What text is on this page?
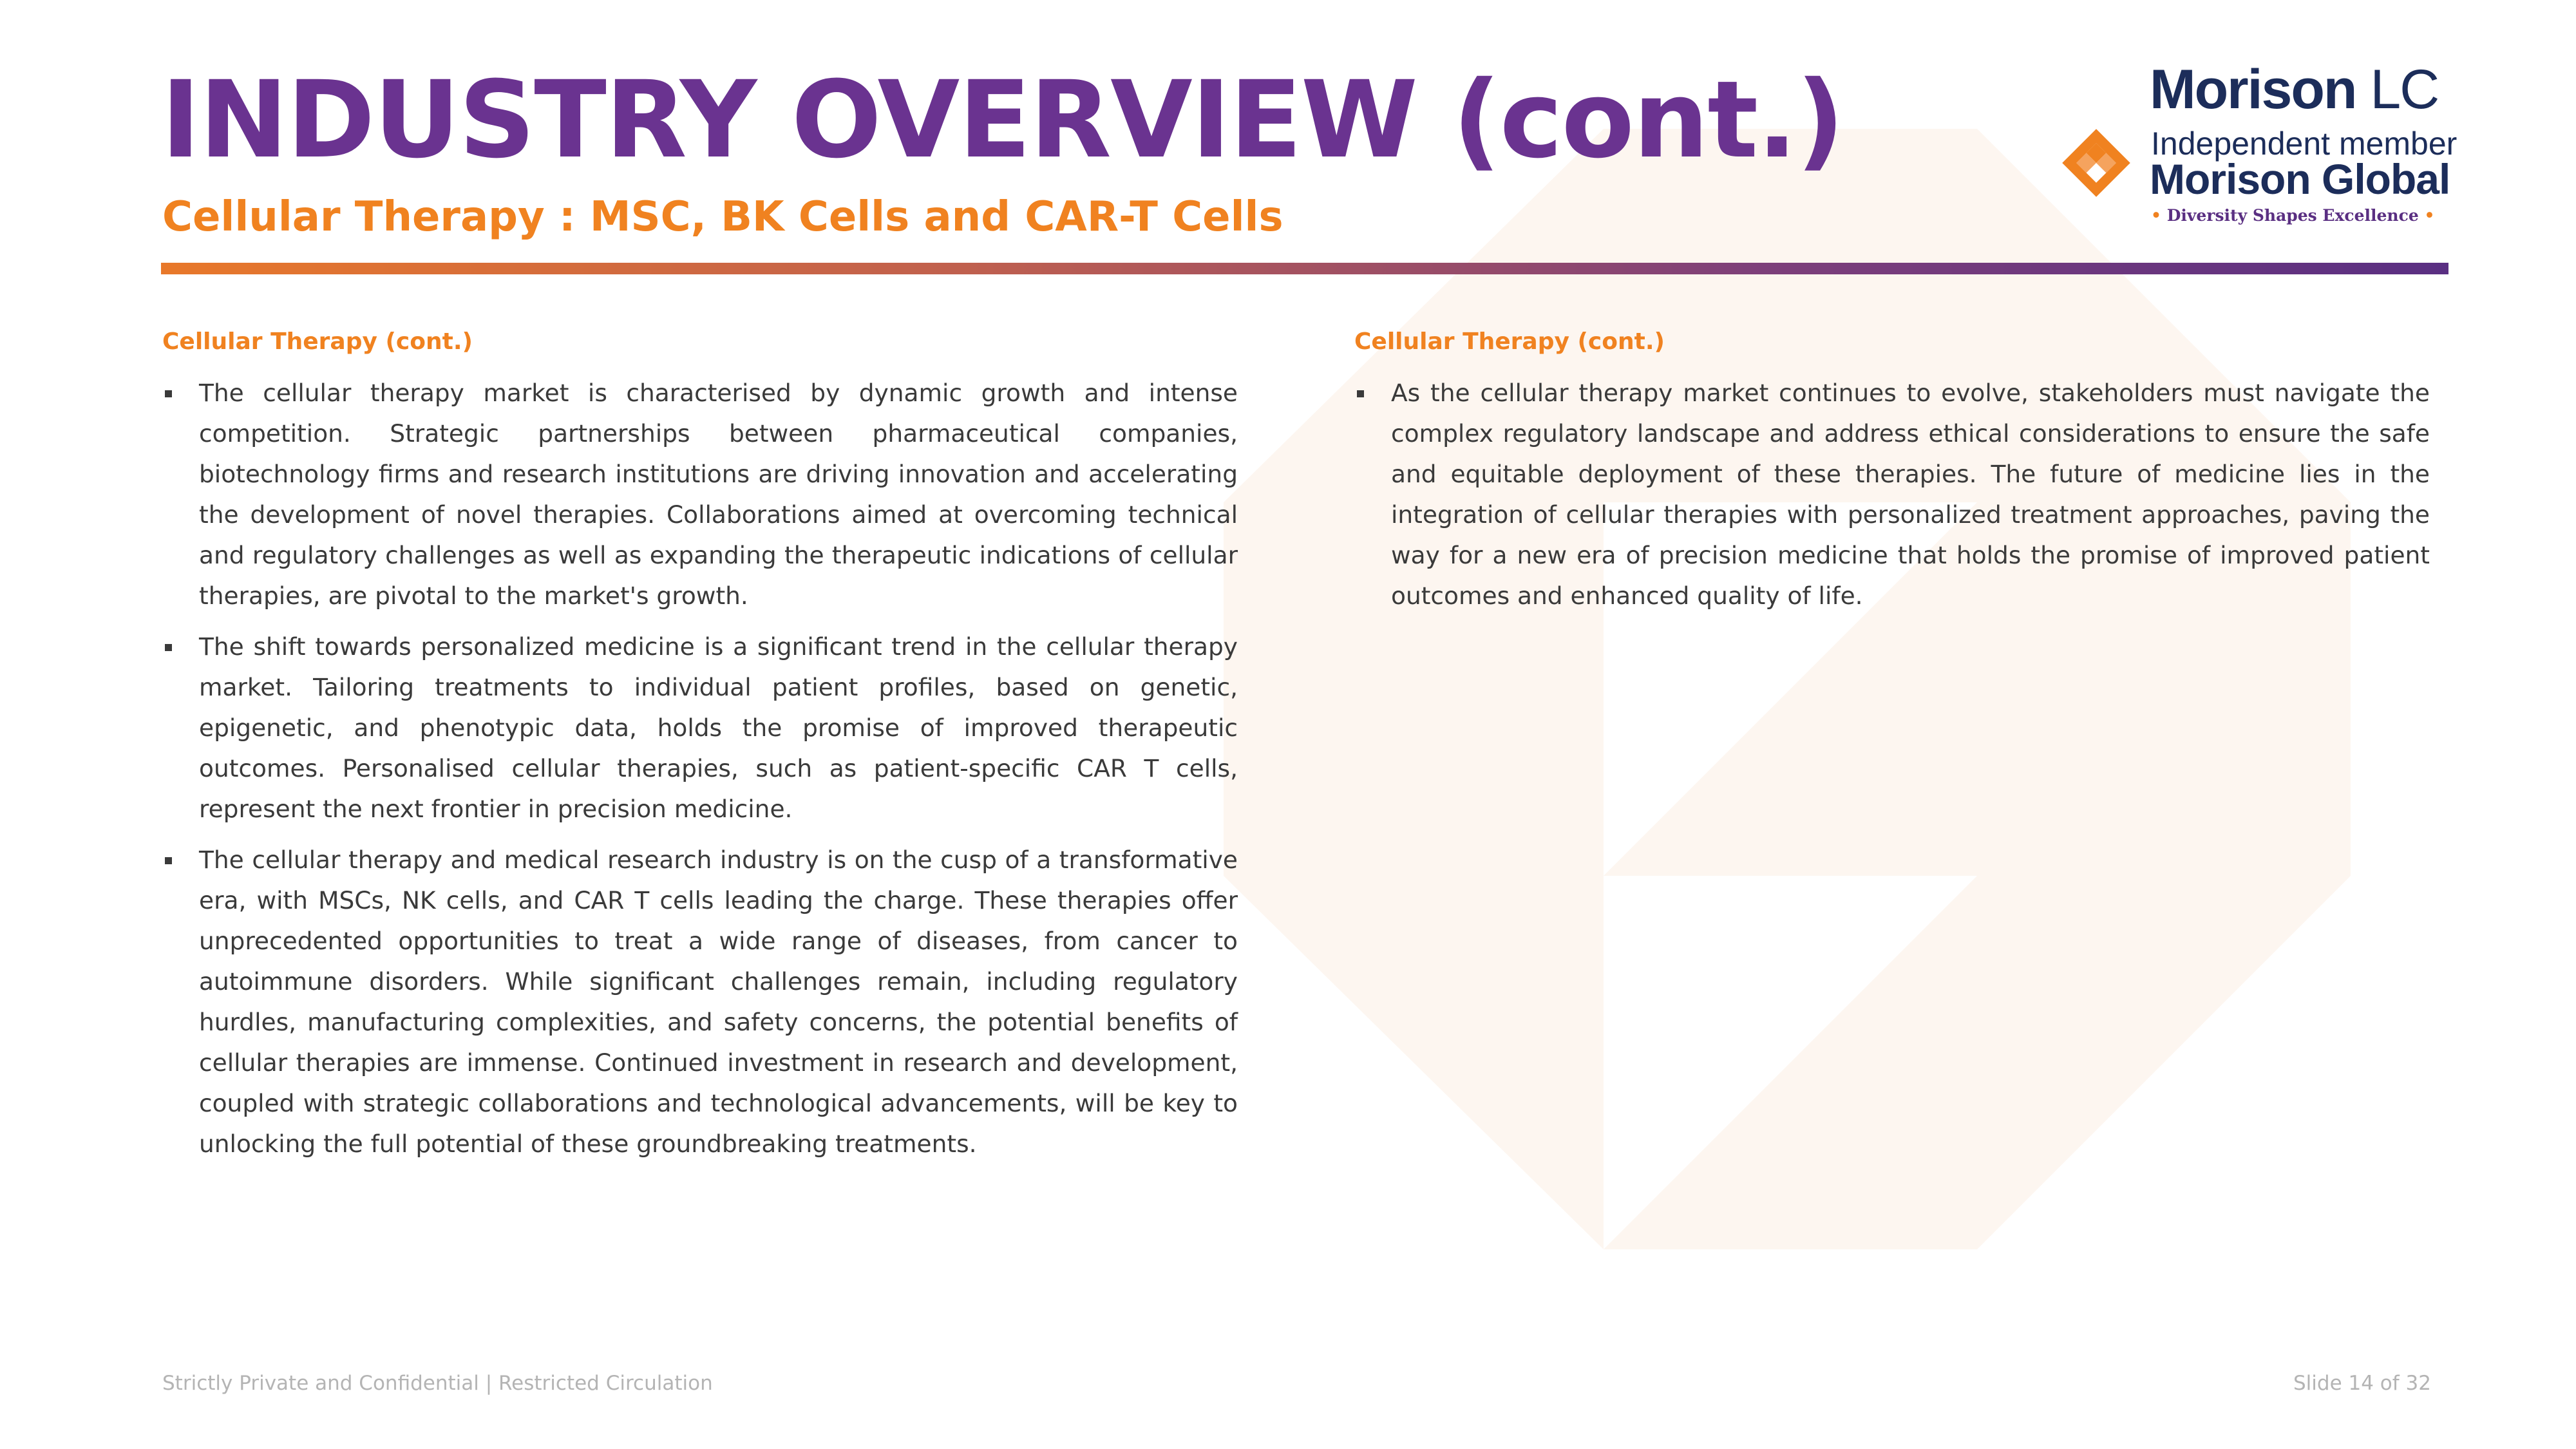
INDUSTRY OVERVIEW (cont.)
Cellular Therapy : MSC, BK Cells and CAR-T Cells
Morison LC
Independent member
Morison Global
• Diversity Shapes Excellence •
Cellular Therapy (cont.)
The cellular therapy market is characterised by dynamic growth and intense competition. Strategic partnerships between pharmaceutical companies, biotechnology firms and research institutions are driving innovation and accelerating the development of novel therapies. Collaborations aimed at overcoming technical and regulatory challenges as well as expanding the therapeutic indications of cellular therapies, are pivotal to the market's growth.
The shift towards personalized medicine is a significant trend in the cellular therapy market. Tailoring treatments to individual patient profiles, based on genetic, epigenetic, and phenotypic data, holds the promise of improved therapeutic outcomes. Personalised cellular therapies, such as patient-specific CAR T cells, represent the next frontier in precision medicine.
The cellular therapy and medical research industry is on the cusp of a transformative era, with MSCs, NK cells, and CAR T cells leading the charge. These therapies offer unprecedented opportunities to treat a wide range of diseases, from cancer to autoimmune disorders. While significant challenges remain, including regulatory hurdles, manufacturing complexities, and safety concerns, the potential benefits of cellular therapies are immense. Continued investment in research and development, coupled with strategic collaborations and technological advancements, will be key to unlocking the full potential of these groundbreaking treatments.
Cellular Therapy (cont.)
As the cellular therapy market continues to evolve, stakeholders must navigate the complex regulatory landscape and address ethical considerations to ensure the safe and equitable deployment of these therapies. The future of medicine lies in the integration of cellular therapies with personalized treatment approaches, paving the way for a new era of precision medicine that holds the promise of improved patient outcomes and enhanced quality of life.
Strictly Private and Confidential | Restricted Circulation	Slide 14 of 32
